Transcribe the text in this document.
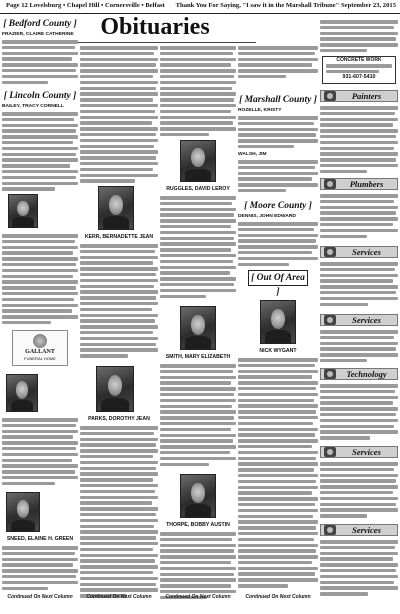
Page 12 Lovelsburg • Chapel Hill • Cornersville • Belfast Thank You For Saying, "I saw it in the Marshall Tribune" September 23, 2015
Obituaries
[ Bedford County ]
FRAZIER, CLAIRE CATHERINE
[ Lincoln County ]
BAILEY, TRACY CORNELL
GALLANT
FUNERAL HOME
SNEED, ELAINE H. GREEN
Continued On Next Column
KERR, BERNADETTE JEAN
PARKS, DOROTHY JEAN
Continued On Next Column
RUGGLES, DAVID LEROY
SMITH, MARY ELIZABETH
THORPE, BOBBY AUSTIN
Continued On Next Column
[ Marshall County ]
ROZELLE, KRISTY
WALSH, JIM
[ Moore County ]
DENNIS, JOHN EDWARD
[ Out Of Area ]
NICK WYGANT
Continued On Next Column
CONCRETE WORK
931-607-5410
Painters
Plumbers
Services
Services
Technology
Services
Services
